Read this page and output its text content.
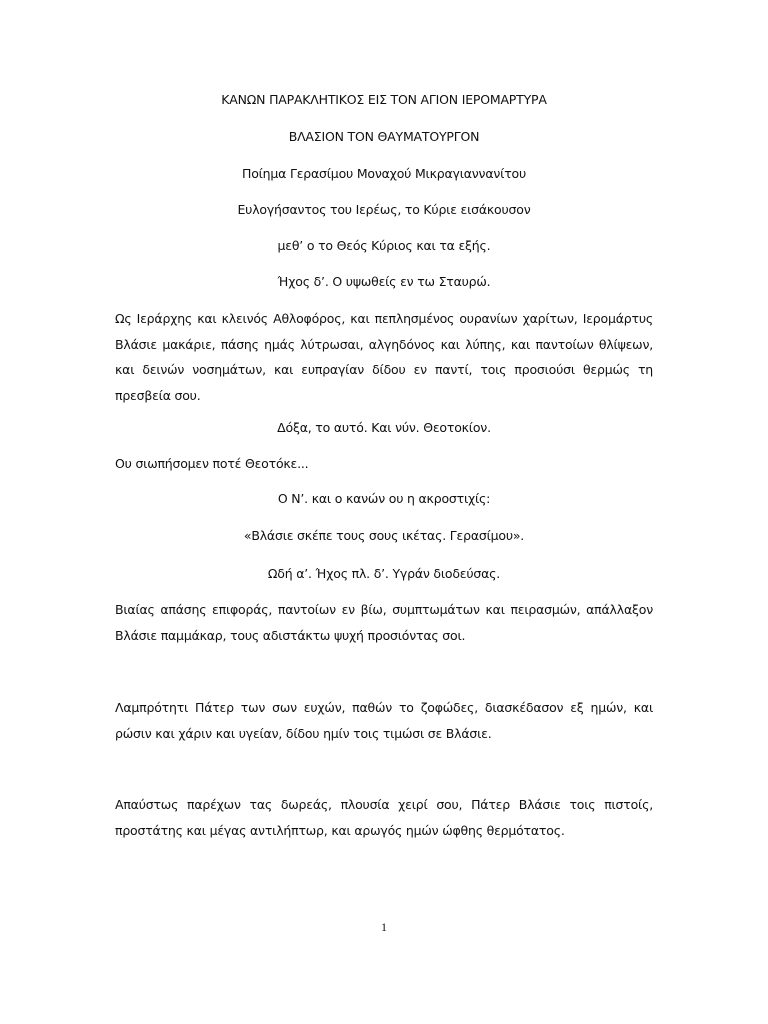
ΚΑΝΩΝ ΠΑΡΑΚΛΗΤΙΚΟΣ ΕΙΣ ΤΟΝ ΑΓΙΟΝ ΙΕΡΟΜΑΡΤΥΡΑ
ΒΛΑΣΙΟΝ ΤΟΝ ΘΑΥΜΑΤΟΥΡΓΟΝ
Ποίημα Γερασίμου Μοναχού Μικραγιαννανίτου
Ευλογήσαντος του Ιερέως, το Κύριε εισάκουσον
μεθ’ ο το Θεός Κύριος και τα εξής.
Ήχος δ’. Ο υψωθείς εν τω Σταυρώ.
Ως Ιεράρχης και κλεινός Αθλοφόρος, και πεπλησμένος ουρανίων χαρίτων, Ιερομάρτυς
Βλάσιε μακάριε, πάσης ημάς λύτρωσαι, αλγηδόνος και λύπης, και παντοίων θλίψεων,
και δεινών νοσημάτων, και ευπραγίαν δίδου εν παντί, τοις προσιούσι θερμώς τη
πρεσβεία σου.
Δόξα, το αυτό. Και νύν. Θεοτοκίον.
Ου σιωπήσομεν ποτέ Θεοτόκε...
Ο Ν’. και ο κανών ου η ακροστιχίς:
«Βλάσιε σκέπε τους σους ικέτας. Γερασίμου».
Ωδή α’. Ήχος πλ. δ’. Υγράν διοδεύσας.
Βιαίας απάσης επιφοράς, παντοίων εν βίω, συμπτωμάτων και πειρασμών, απάλλαξον
Βλάσιε παμμάκαρ, τους αδιστάκτω ψυχή προσιόντας σοι.
Λαμπρότητι Πάτερ των σων ευχών, παθών το ζοφώδες, διασκέδασον εξ ημών, και
ρώσιν και χάριν και υγείαν, δίδου ημίν τοις τιμώσι σε Βλάσιε.
Απαύστως παρέχων τας δωρεάς, πλουσία χειρί σου, Πάτερ Βλάσιε τοις πιστοίς,
προστάτης και μέγας αντιλήπτωρ, και αρωγός ημών ώφθης θερμότατος.
1
